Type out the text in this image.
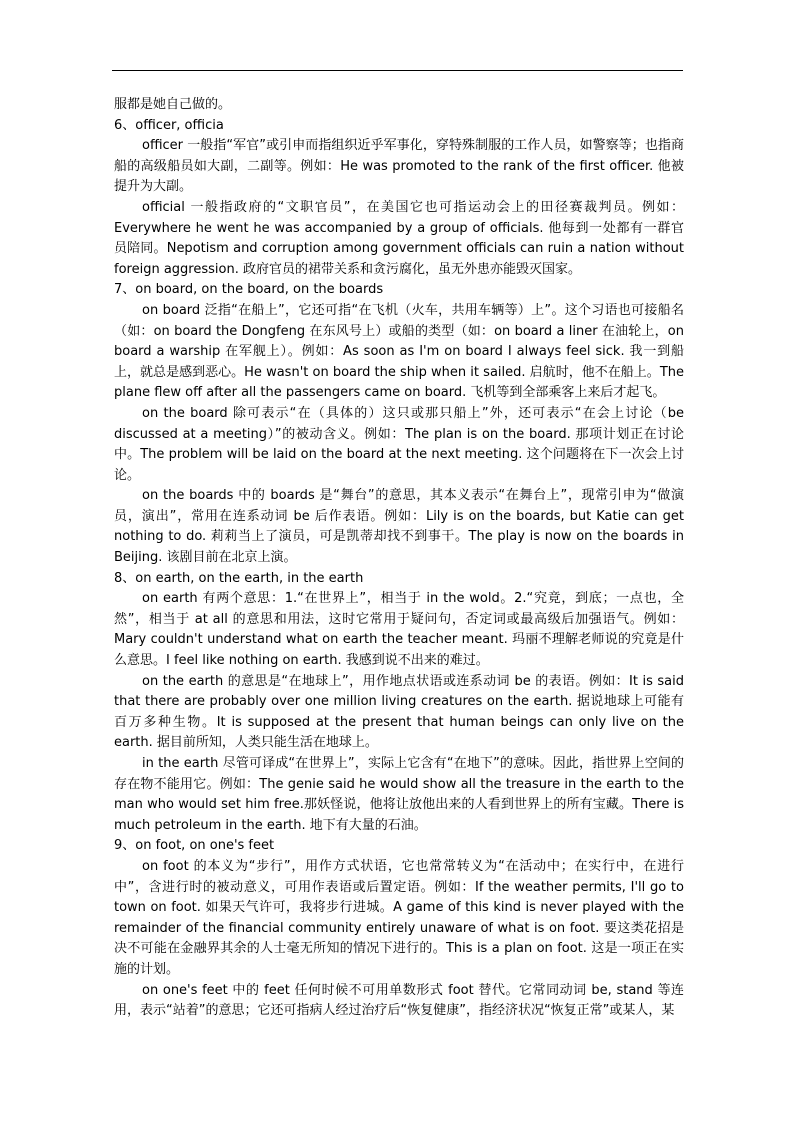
服都是她自己做的。

6、officer, officia

officer 一般指“军官”或引申而指组织近乎军事化，穿特殊制服的工作人员，如警察等；也指商船的高级船员如大副，二副等。例如：He was promoted to the rank of the first officer. 他被提升为大副。

official 一般指政府的“文职官员”，在美国它也可指运动会上的田径赛裁判员。例如：Everywhere he went he was accompanied by a group of officials. 他每到一处都有一群官员陪同。Nepotism and corruption among government officials can ruin a nation without foreign aggression. 政府官员的裙带关系和贪污腐化，虽无外患亦能毁灭国家。

7、on board, on the board, on the boards

on board 泛指“在船上”，它还可指“在飞机（火车，共用车辆等）上”。这个习语也可接船名（如：on board the Dongfeng 在东风号上）或船的类型（如：on board a liner 在油轮上，on board a warship 在军舰上）。例如：As soon as I'm on board I always feel sick. 我一到船上，就总是感到恶心。He wasn't on board the ship when it sailed. 启航时，他不在船上。The plane flew off after all the passengers came on board. 飞机等到全部乘客上来后才起飞。

on the board 除可表示“在（具体的）这只或那只船上”外，还可表示“在会上讨论（be discussed at a meeting）”的被动含义。例如：The plan is on the board. 那项计划正在讨论中。The problem will be laid on the board at the next meeting. 这个问题将在下一次会上讨论。

on the boards 中的 boards 是“舞台”的意思，其本义表示“在舞台上”，现常引申为“做演员，演出”，常用在连系动词 be 后作表语。例如：Lily is on the boards, but Katie can get nothing to do. 莉莉当上了演员，可是凯蒂却找不到事干。The play is now on the boards in Beijing. 该剧目前在北京上演。

8、on earth, on the earth, in the earth

on earth 有两个意思：1.“在世界上”，相当于 in the wold。2.“究竟，到底；一点也，全然”，相当于 at all 的意思和用法，这时它常用于疑问句，否定词或最高级后加强语气。例如：Mary couldn't understand what on earth the teacher meant. 玛丽不理解老师说的究竟是什么意思。I feel like nothing on earth. 我感到说不出来的难过。

on the earth 的意思是“在地球上”，用作地点状语或连系动词 be 的表语。例如：It is said that there are probably over one million living creatures on the earth. 据说地球上可能有百万多种生物。It is supposed at the present that human beings can only live on the earth. 据目前所知，人类只能生活在地球上。

in the earth 尽管可译成“在世界上”，实际上它含有“在地下”的意味。因此，指世界上空间的存在物不能用它。例如：The genie said he would show all the treasure in the earth to the man who would set him free.那妖怪说，他将让放他出来的人看到世界上的所有宝藏。There is much petroleum in the earth. 地下有大量的石油。

9、on foot, on one's feet

on foot 的本义为“步行”，用作方式状语，它也常常转义为“在活动中；在实行中，在进行中”，含进行时的被动意义，可用作表语或后置定语。例如：If the weather permits, I'll go to town on foot. 如果天气许可，我将步行进城。A game of this kind is never played with the remainder of the financial community entirely unaware of what is on foot. 要这类花招是决不可能在金融界其余的人士毫无所知的情况下进行的。This is a plan on foot. 这是一项正在实施的计划。

on one's feet 中的 feet 任何时候不可用单数形式 foot 替代。它常同动词 be, stand 等连用，表示“站着”的意思；它还可指病人经过治疗后“恢复健康”，指经济状况“恢复正常”或某人，某
